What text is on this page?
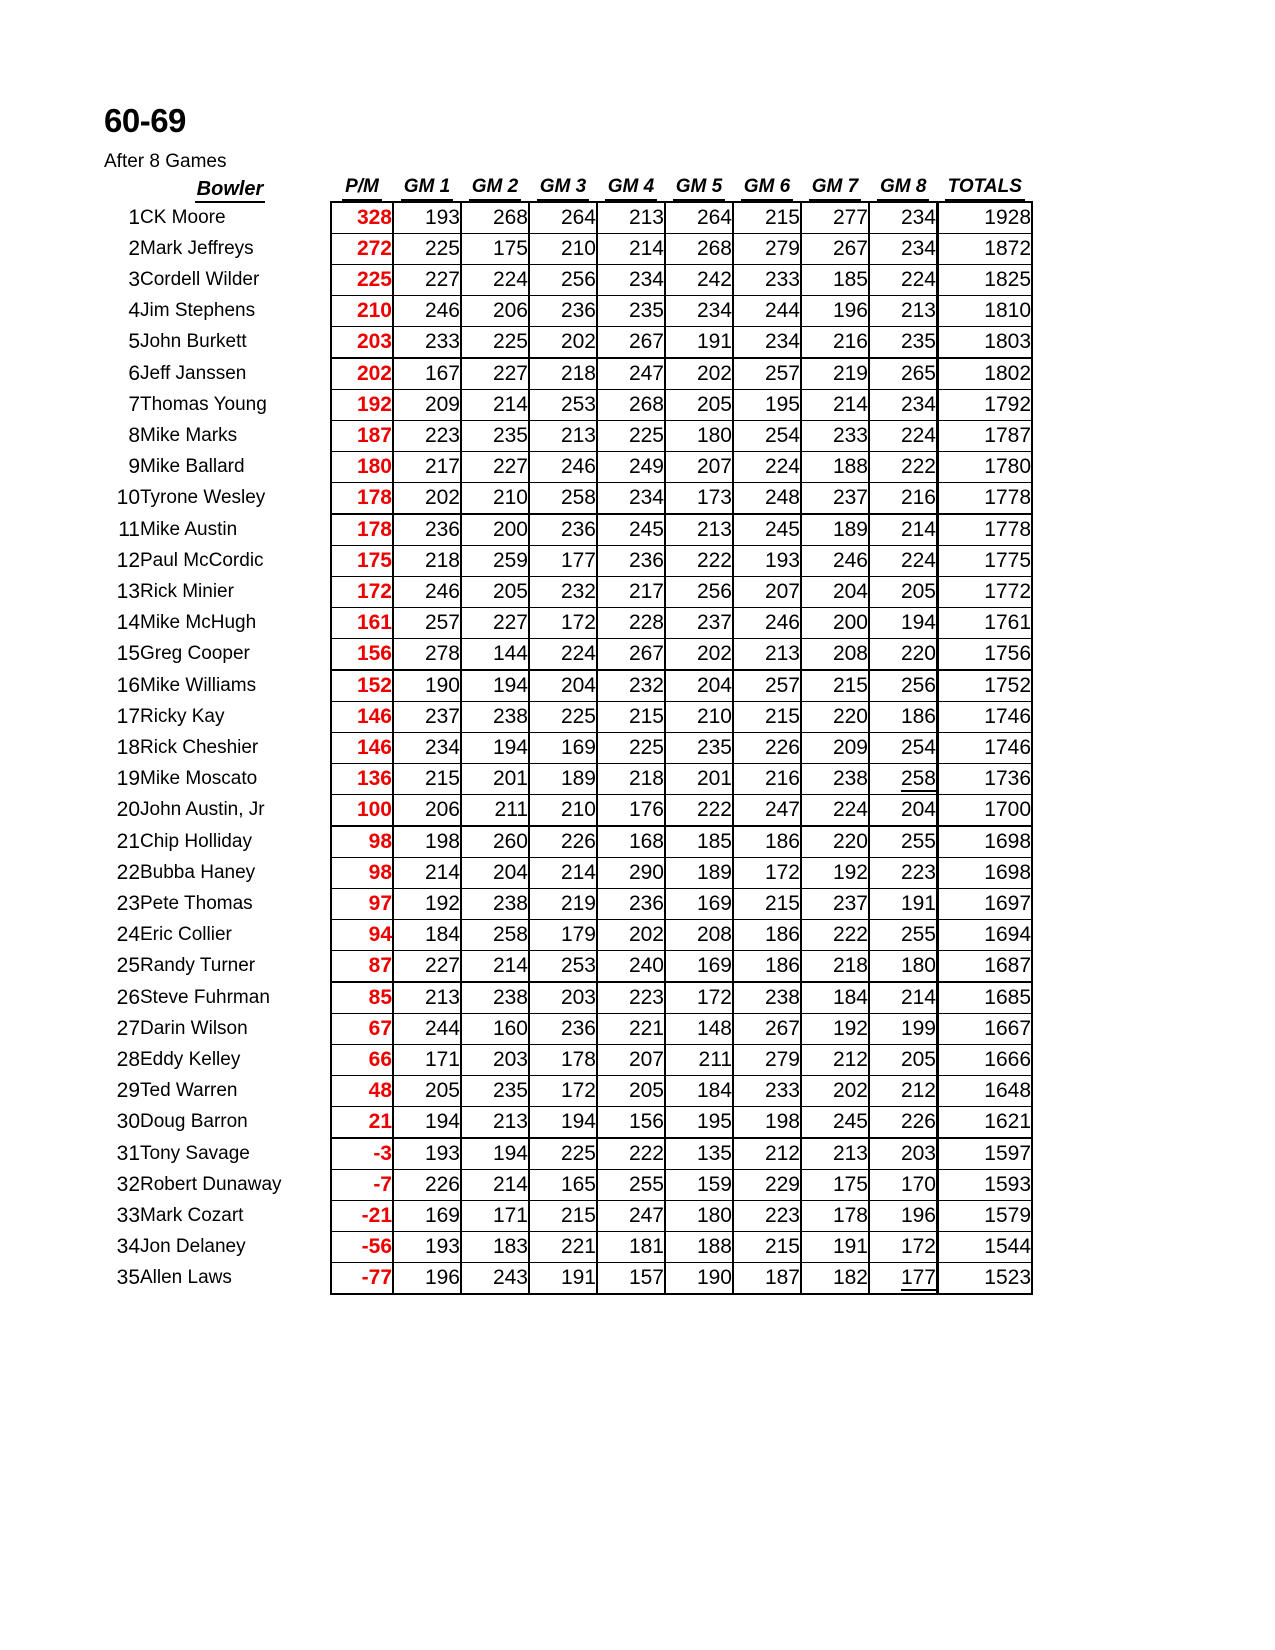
60-69
After 8 Games
	Bowler		P/M	GM 1	GM 2	GM 3	GM 4	GM 5	GM 6	GM 7	GM 8	TOTALS
1	CK Moore		328	193	268	264	213	264	215	277	234	1928
2	Mark Jeffreys		272	225	175	210	214	268	279	267	234	1872
3	Cordell Wilder		225	227	224	256	234	242	233	185	224	1825
4	Jim Stephens		210	246	206	236	235	234	244	196	213	1810
5	John Burkett		203	233	225	202	267	191	234	216	235	1803
6	Jeff Janssen		202	167	227	218	247	202	257	219	265	1802
7	Thomas Young		192	209	214	253	268	205	195	214	234	1792
8	Mike Marks		187	223	235	213	225	180	254	233	224	1787
9	Mike Ballard		180	217	227	246	249	207	224	188	222	1780
10	Tyrone Wesley		178	202	210	258	234	173	248	237	216	1778
11	Mike Austin		178	236	200	236	245	213	245	189	214	1778
12	Paul McCordic		175	218	259	177	236	222	193	246	224	1775
13	Rick Minier		172	246	205	232	217	256	207	204	205	1772
14	Mike McHugh		161	257	227	172	228	237	246	200	194	1761
15	Greg Cooper		156	278	144	224	267	202	213	208	220	1756
16	Mike Williams		152	190	194	204	232	204	257	215	256	1752
17	Ricky Kay		146	237	238	225	215	210	215	220	186	1746
18	Rick Cheshier		146	234	194	169	225	235	226	209	254	1746
19	Mike Moscato		136	215	201	189	218	201	216	238	258	1736
20	John Austin, Jr		100	206	211	210	176	222	247	224	204	1700
21	Chip Holliday		98	198	260	226	168	185	186	220	255	1698
22	Bubba Haney		98	214	204	214	290	189	172	192	223	1698
23	Pete Thomas		97	192	238	219	236	169	215	237	191	1697
24	Eric Collier		94	184	258	179	202	208	186	222	255	1694
25	Randy Turner		87	227	214	253	240	169	186	218	180	1687
26	Steve Fuhrman		85	213	238	203	223	172	238	184	214	1685
27	Darin Wilson		67	244	160	236	221	148	267	192	199	1667
28	Eddy Kelley		66	171	203	178	207	211	279	212	205	1666
29	Ted Warren		48	205	235	172	205	184	233	202	212	1648
30	Doug Barron		21	194	213	194	156	195	198	245	226	1621
31	Tony Savage		-3	193	194	225	222	135	212	213	203	1597
32	Robert Dunaway		-7	226	214	165	255	159	229	175	170	1593
33	Mark Cozart		-21	169	171	215	247	180	223	178	196	1579
34	Jon Delaney		-56	193	183	221	181	188	215	191	172	1544
35	Allen Laws		-77	196	243	191	157	190	187	182	177	1523
